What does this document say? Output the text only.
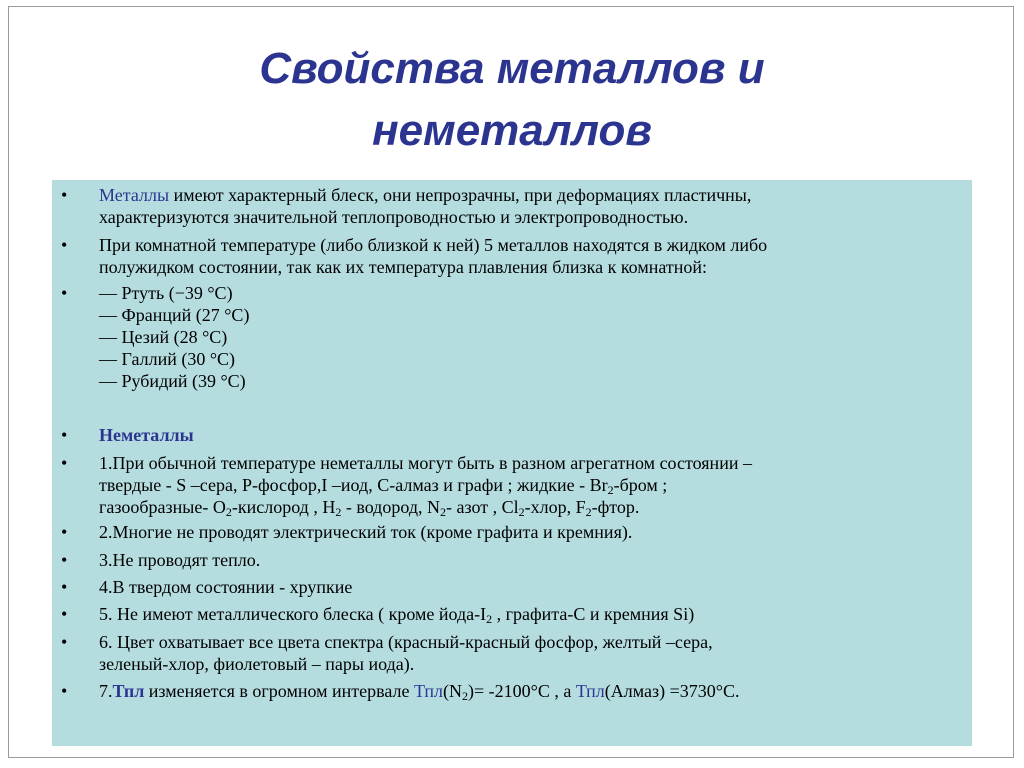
Свойства металлов и
неметаллов
• Металлы имеют характерный блеск, они непрозрачны, при деформациях пластичны,
характеризуются значительной теплопроводностью и электропроводностью.
• При комнатной температуре (либо близкой к ней) 5 металлов находятся в жидком либо
полужидком состоянии, так как их температура плавления близка к комнатной:
• — Ртуть (−39 °C)
— Франций (27 °C)
— Цезий (28 °C)
— Галлий (30 °C)
— Рубидий (39 °C)
• Неметаллы
• 1.При обычной температуре неметаллы могут быть в разном агрегатном состоянии –
твердые - S –сера, Р-фосфор,I –иод, С-алмаз и графи ; жидкие - $Br_2$-бром ;
газообразные- $О_2$-кислород , $Н_2$ - водород, $N_2-$ азот , $Cl_2$-хлор, $F_2$-фтор.
• 2.Многие не проводят электрический ток (кроме графита и кремния).
• 3.Не проводят тепло.
• 4.В твердом состоянии - хрупкие
• 5. Не имеют металлического блеска ( кроме йода-$I_2$ , графита-С и кремния Si)
• 6. Цвет охватывает все цвета спектра (красный-красный фосфор, желтый –сера,
зеленый-хлор, фиолетовый – пары иода).
• 7.Тпл изменяется в огромном интервале $Тпл(N_2)= -2100^\circ C$ , а Тпл(Алмаз) =3730°С.
